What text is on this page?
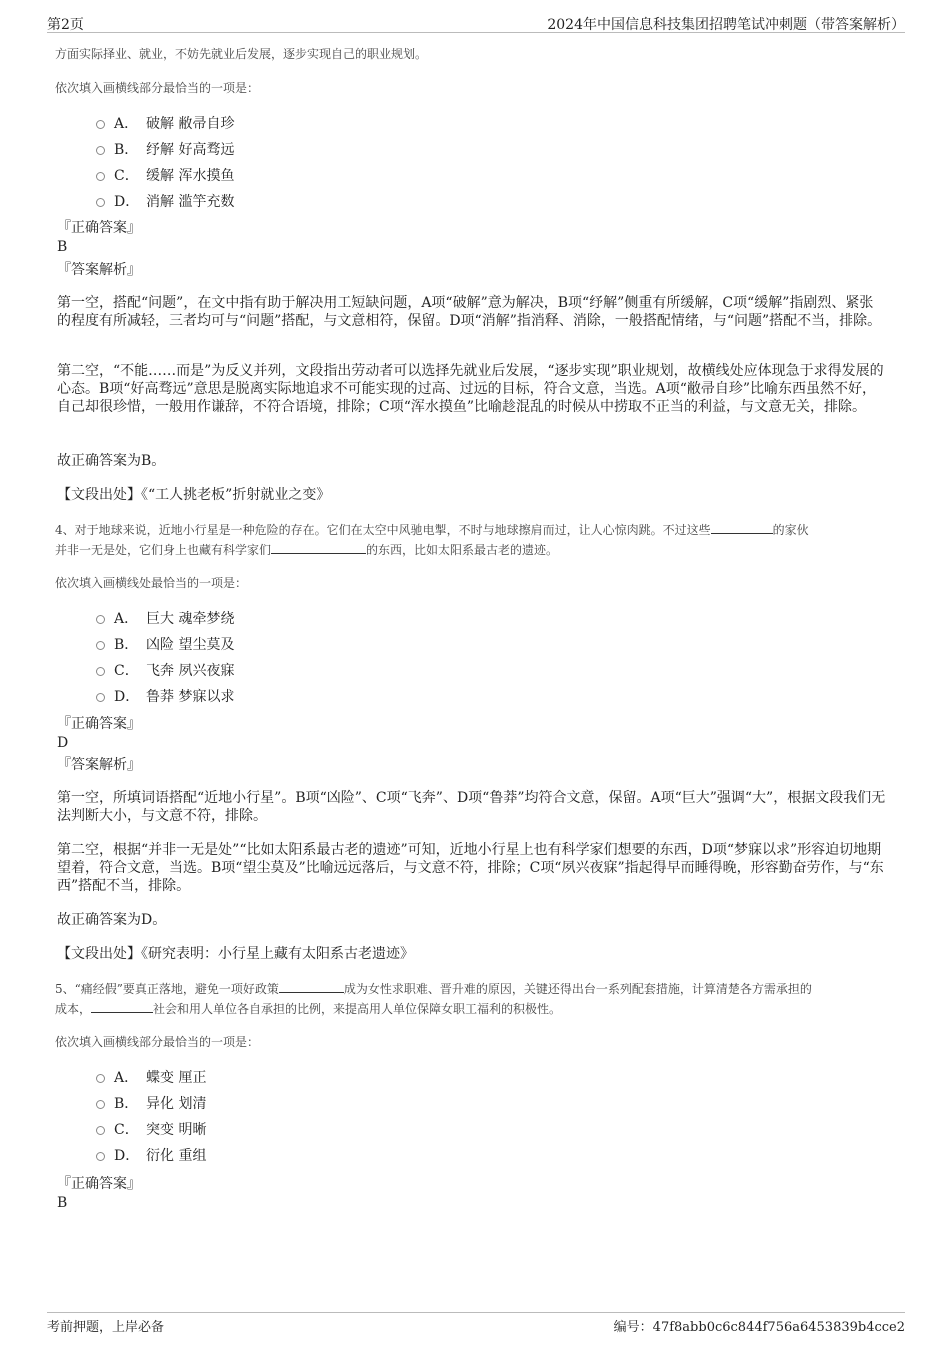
第2页	2024年中国信息科技集团招聘笔试冲刺题（带答案解析）
方面实际择业、就业，不妨先就业后发展，逐步实现自己的职业规划。
依次填入画横线部分最恰当的一项是：
A． 破解 敝帚自珍
B． 纾解 好高骛远
C． 缓解 浑水摸鱼
D． 消解 滥竽充数
『正确答案』
B
『答案解析』
第一空，搭配“问题”，在文中指有助于解决用工短缺问题，A项“破解”意为解决，B项“纾解”侧重有所缓解，C项“缓解”指剧烈、紧张的程度有所减轻，三者均可与“问题”搭配，与文意相符，保留。D项“消解”指消释、消除，一般搭配情绪，与“问题”搭配不当，排除。
第二空，“不能……而是”为反义并列，文段指出劳动者可以选择先就业后发展，“逐步实现”职业规划，故横线处应体现急于求得发展的心态。B项“好高骛远”意思是脱离实际地追求不可能实现的过高、过远的目标，符合文意，当选。A项“敝帚自珍”比喻东西虽然不好，自己却很珍惜，一般用作谦辞，不符合语境，排除；C项“浑水摸鱼”比喻趁混乱的时候从中捞取不正当的利益，与文意无关，排除。
故正确答案为B。
【文段出处】《“工人挑老板”折射就业之变》
4、对于地球来说，近地小行星是一种危险的存在。它们在太空中风驰电掣，不时与地球擦肩而过，让人心惊肉跳。不过这些	的家伙
并非一无是处，它们身上也藏有科学家们	的东西，比如太阳系最古老的遗迹。
依次填入画横线处最恰当的一项是：
A． 巨大 魂牵梦绕
B． 凶险 望尘莫及
C． 飞奔 夙兴夜寐
D． 鲁莽 梦寐以求
『正确答案』
D
『答案解析』
第一空，所填词语搭配“近地小行星”。B项“凶险”、C项“飞奔”、D项“鲁莽”均符合文意，保留。A项“巨大”强调“大”，根据文段我们无法判断大小，与文意不符，排除。
第二空，根据“并非一无是处”“比如太阳系最古老的遗迹”可知，近地小行星上也有科学家们想要的东西，D项“梦寐以求”形容迫切地期望着，符合文意，当选。B项“望尘莫及”比喻远远落后，与文意不符，排除；C项“夙兴夜寐”指起得早而睡得晚，形容勤奋劳作，与“东西”搭配不当，排除。
故正确答案为D。
【文段出处】《研究表明：小行星上藏有太阳系古老遗迹》
5、“痛经假”要真正落地，避免一项好政策	成为女性求职难、晋升难的原因，关键还得出台一系列配套措施，计算清楚各方需承担的
成本，	社会和用人单位各自承担的比例，来提高用人单位保障女职工福利的积极性。
依次填入画横线部分最恰当的一项是：
A． 蝶变 厘正
B． 异化 划清
C． 突变 明晰
D． 衍化 重组
『正确答案』
B
考前押题，上岸必备	编号：47f8abb0c6c844f756a6453839b4cce2
